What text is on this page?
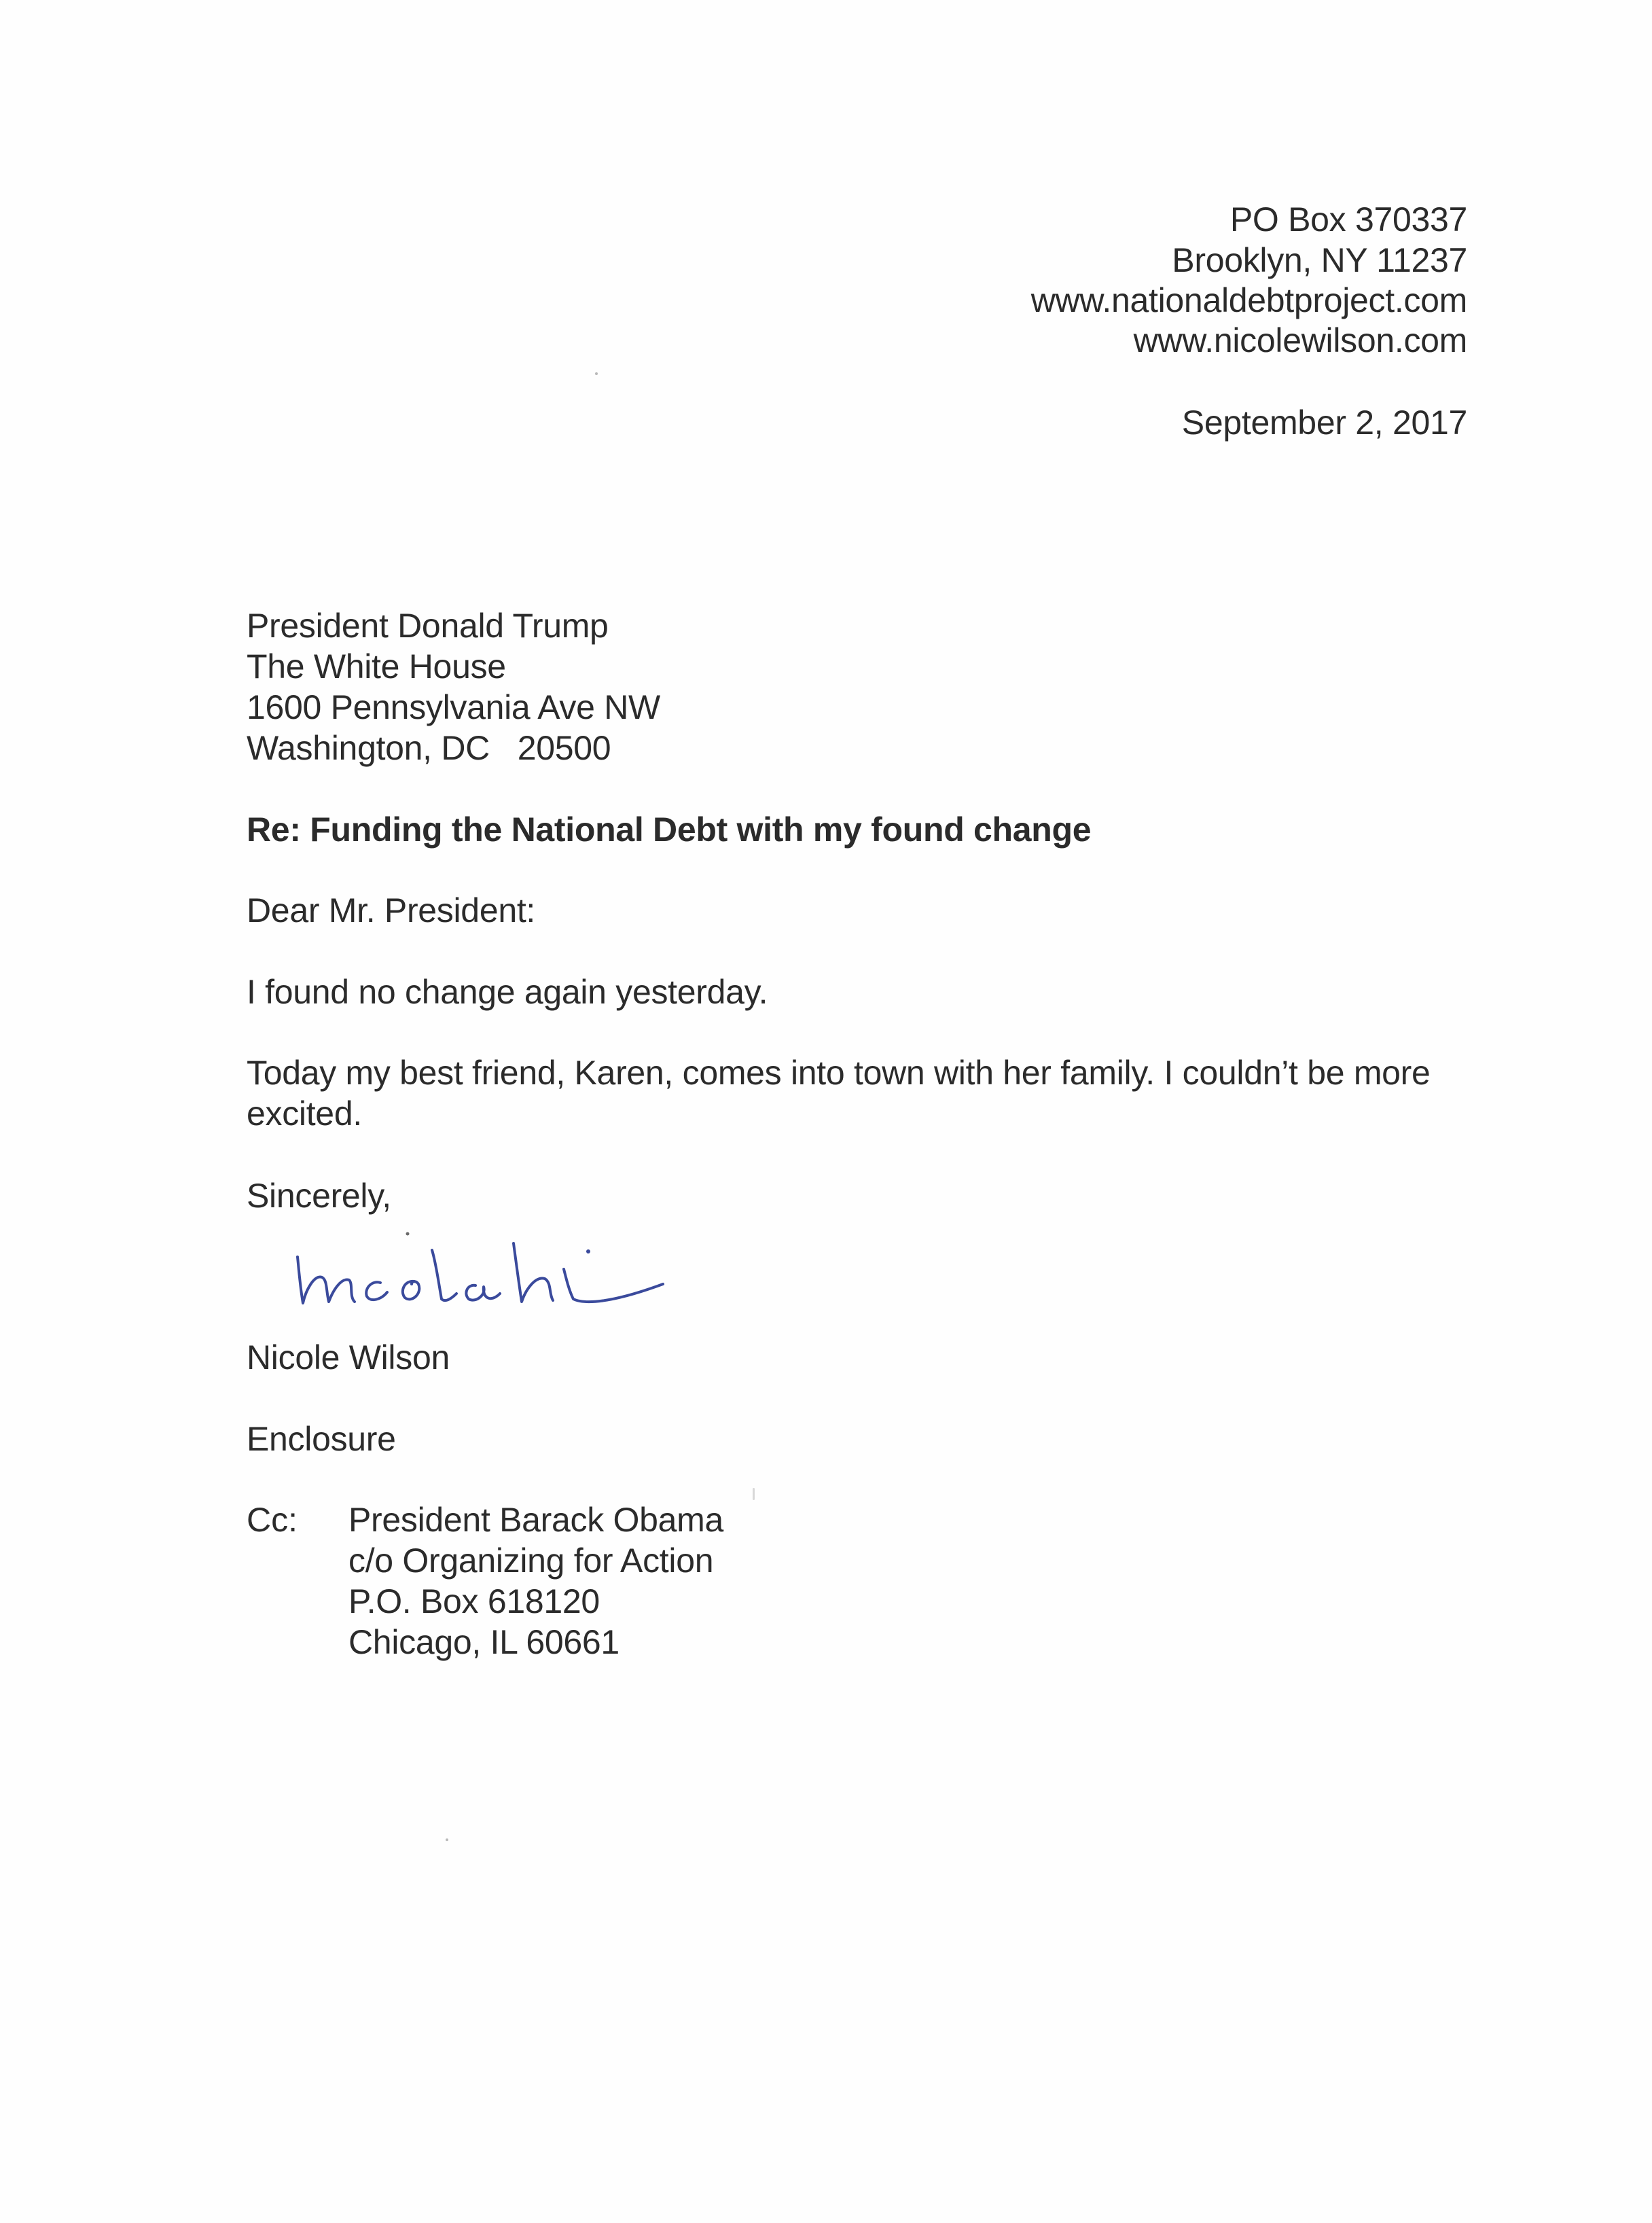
PO Box 370337
Brooklyn, NY 11237
www.nationaldebtproject.com
www.nicolewilson.com
September 2, 2017
President Donald Trump
The White House
1600 Pennsylvania Ave NW
Washington, DC   20500
Re: Funding the National Debt with my found change
Dear Mr. President:
I found no change again yesterday.
Today my best friend, Karen, comes into town with her family. I couldn’t be more excited.
Sincerely,
Nicole Wilson
Enclosure
Cc: President Barack Obama
c/o Organizing for Action
P.O. Box 618120
Chicago, IL 60661
